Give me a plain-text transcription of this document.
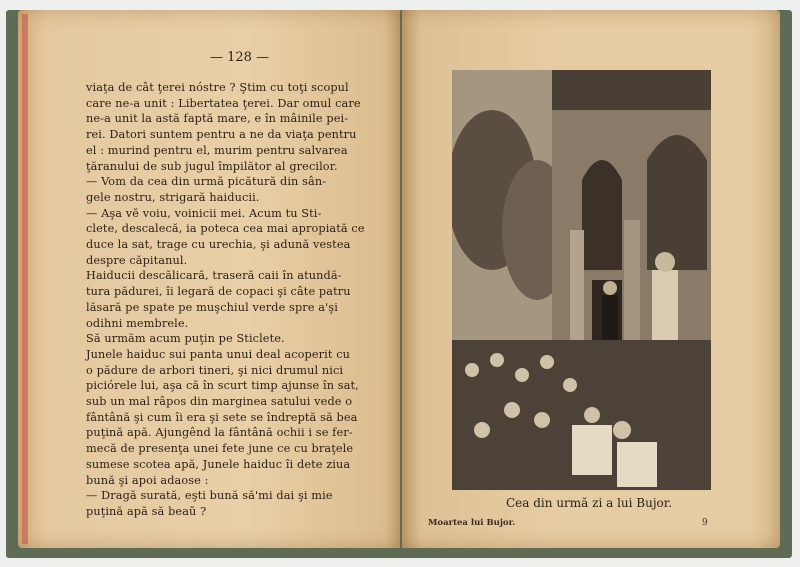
— 128 —
viaţa de cât ţerei nóstre ? Ştim cu toţi scopul
care ne-a unit : Libertatea ţerei. Dar omul care
ne-a unit la astă faptă mare, e în mâinile pei-
rei. Datori suntem pentru a ne da viaţa pentru
el : murind pentru el, murim pentru salvarea
ţăranului de sub jugul împilător al grecilor.
— Vom da cea din urmă picătură din sân-
gele nostru, strigară haiducii.
— Aşa vĕ voiu, voinicii mei. Acum tu Sti-
clete, descalecă, ia poteca cea mai apropiată ce
duce la sat, trage cu urechia, şi adună vestea
despre căpitanul.
Haiducii descălicară, traseră caii în atundă-
tura pădurei, îi legară de copaci şi câte patru
lăsară pe spate pe muşchiul verde spre a'şi
odihni membrele.
Să urmăm acum puţin pe Sticlete.
Junele haiduc sui panta unui deal acoperit cu
o pădure de arbori tineri, şi nici drumul nici
piciórele lui, aşa că în scurt timp ajunse în sat,
sub un mal râpos din marginea satului vede o
fântână şi cum îi era şi sete se îndreptă să bea
puţină apă. Ajungênd la fântână ochii i se fer-
mecă de presenţa unei fete june ce cu braţele
sumese scotea apă, Junele haiduc îi dete ziua
bună şi apoi adaose :
— Dragă surată, eşti bună să'mi dai şi mie
puţină apă să beaŭ ?
Cea din urmă zi a lui Bujor.
Moartea lui Bujor.	9
